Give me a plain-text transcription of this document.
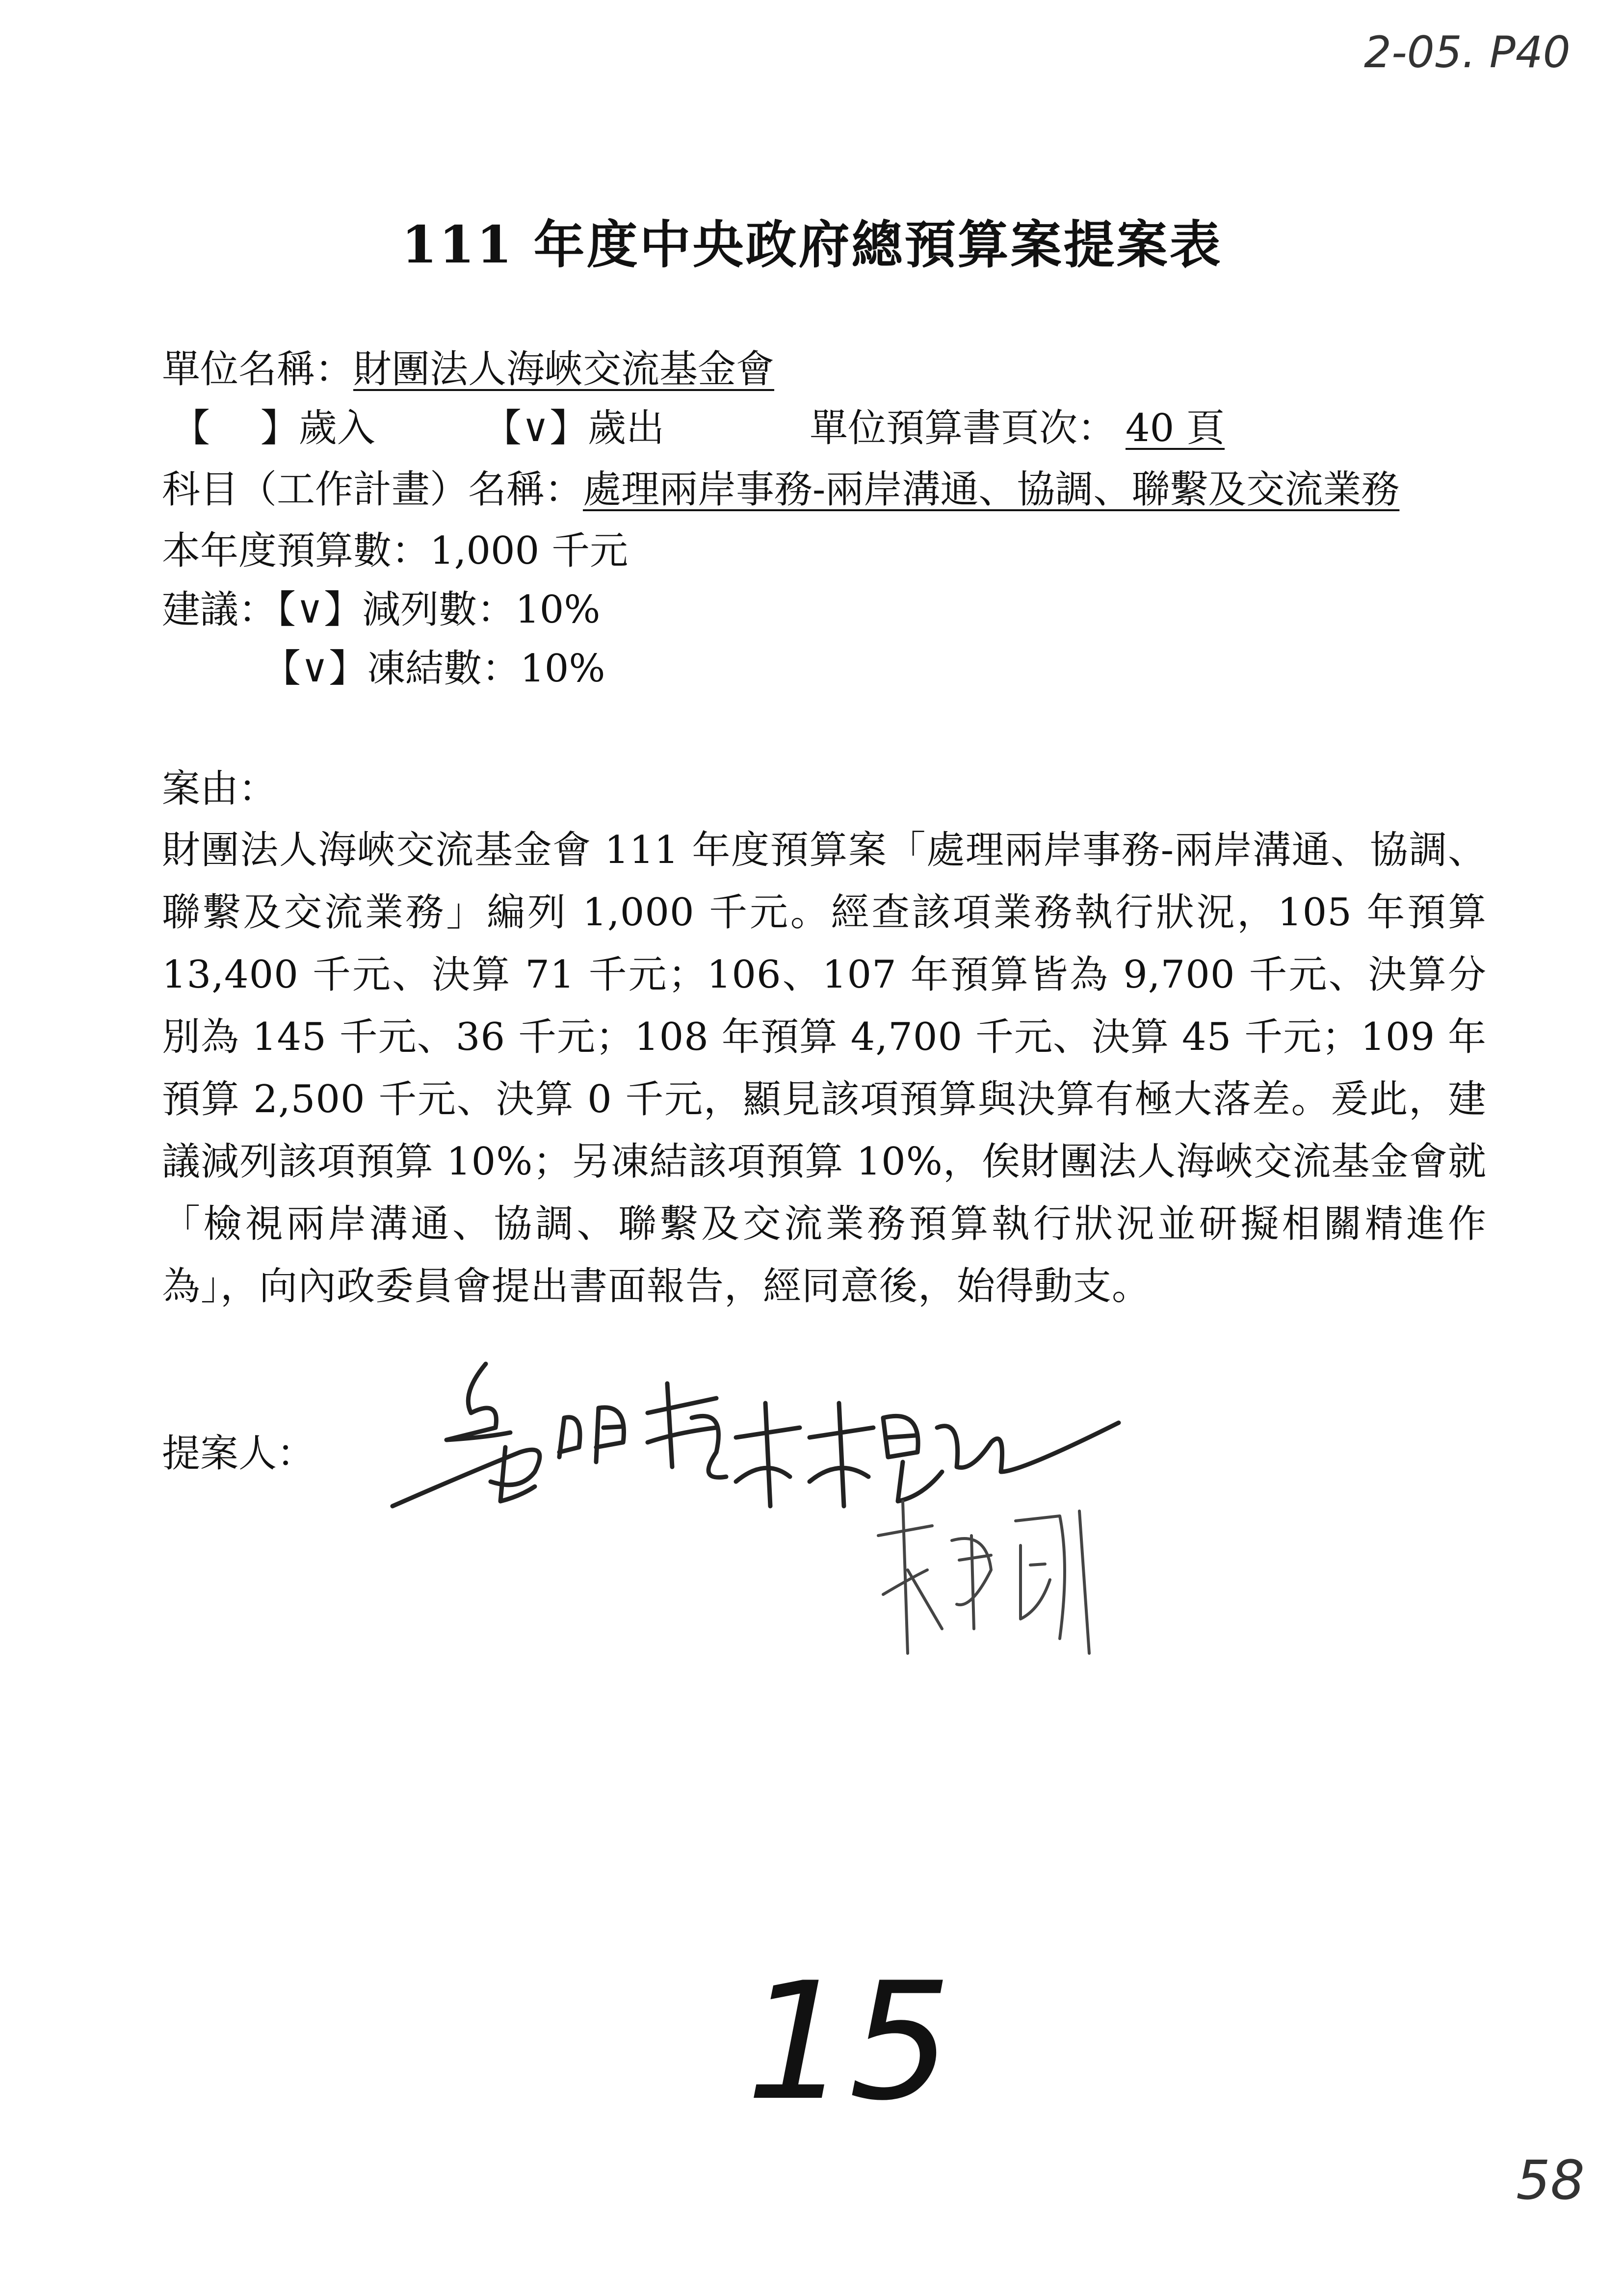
2-05. P40
111 年度中央政府總預算案提案表
單位名稱：財團法人海峽交流基金會
【　 】歲入	【∨】歲出	單位預算書頁次： 40 頁
科目（工作計畫）名稱：處理兩岸事務-兩岸溝通、協調、聯繫及交流業務
本年度預算數：1,000 千元
建議：【∨】減列數：10%
【∨】凍結數：10%
案由：
財團法人海峽交流基金會 111 年度預算案「處理兩岸事務-兩岸溝通、協調、聯繫及交流業務」編列 1,000 千元。經查該項業務執行狀況，105 年預算 13,400 千元、決算 71 千元；106、107 年預算皆為 9,700 千元、決算分別為 145 千元、36 千元；108 年預算 4,700 千元、決算 45 千元；109 年預算 2,500 千元、決算 0 千元，顯見該項預算與決算有極大落差。爰此，建議減列該項預算 10%；另凍結該項預算 10%，俟財團法人海峽交流基金會就「檢視兩岸溝通、協調、聯繫及交流業務預算執行狀況並研擬相關精進作為」，向內政委員會提出書面報告，經同意後，始得動支。
提案人：
15
58
